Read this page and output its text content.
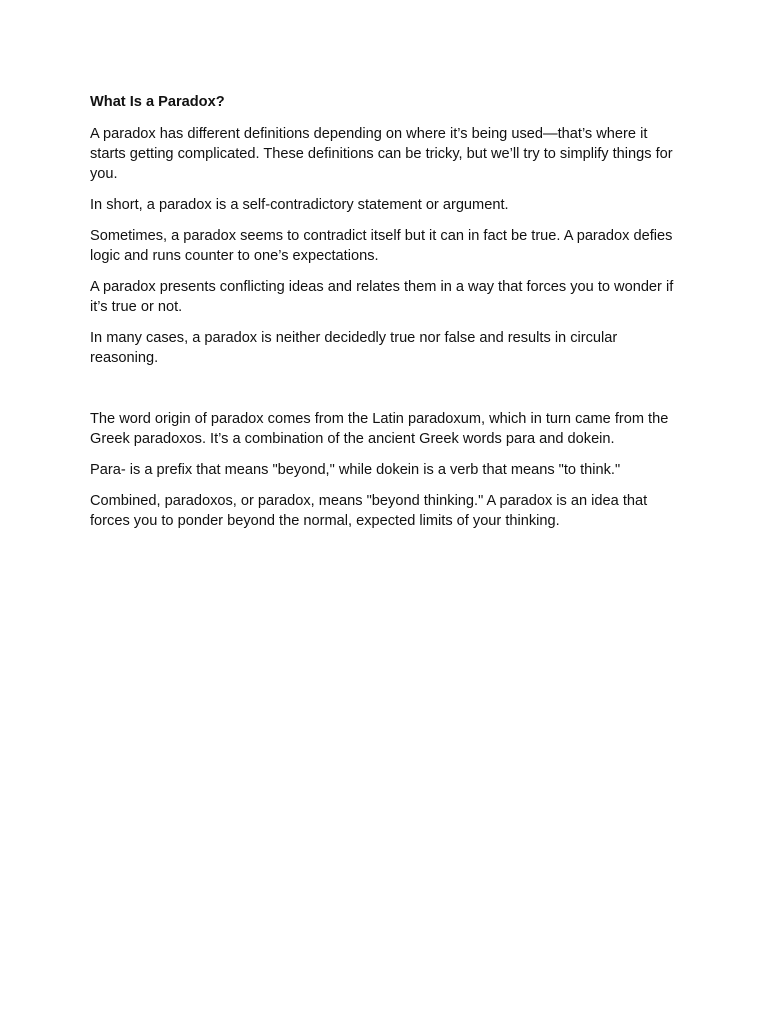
What Is a Paradox?

A paradox has different definitions depending on where it’s being used—that’s where it starts getting complicated. These definitions can be tricky, but we’ll try to simplify things for you.

In short, a paradox is a self-contradictory statement or argument.

Sometimes, a paradox seems to contradict itself but it can in fact be true. A paradox defies logic and runs counter to one’s expectations.

A paradox presents conflicting ideas and relates them in a way that forces you to wonder if it’s true or not.

In many cases, a paradox is neither decidedly true nor false and results in circular reasoning.

The word origin of paradox comes from the Latin paradoxum, which in turn came from the Greek paradoxos. It’s a combination of the ancient Greek words para and dokein.

Para- is a prefix that means "beyond," while dokein is a verb that means "to think."

Combined, paradoxos, or paradox, means "beyond thinking." A paradox is an idea that forces you to ponder beyond the normal, expected limits of your thinking.
